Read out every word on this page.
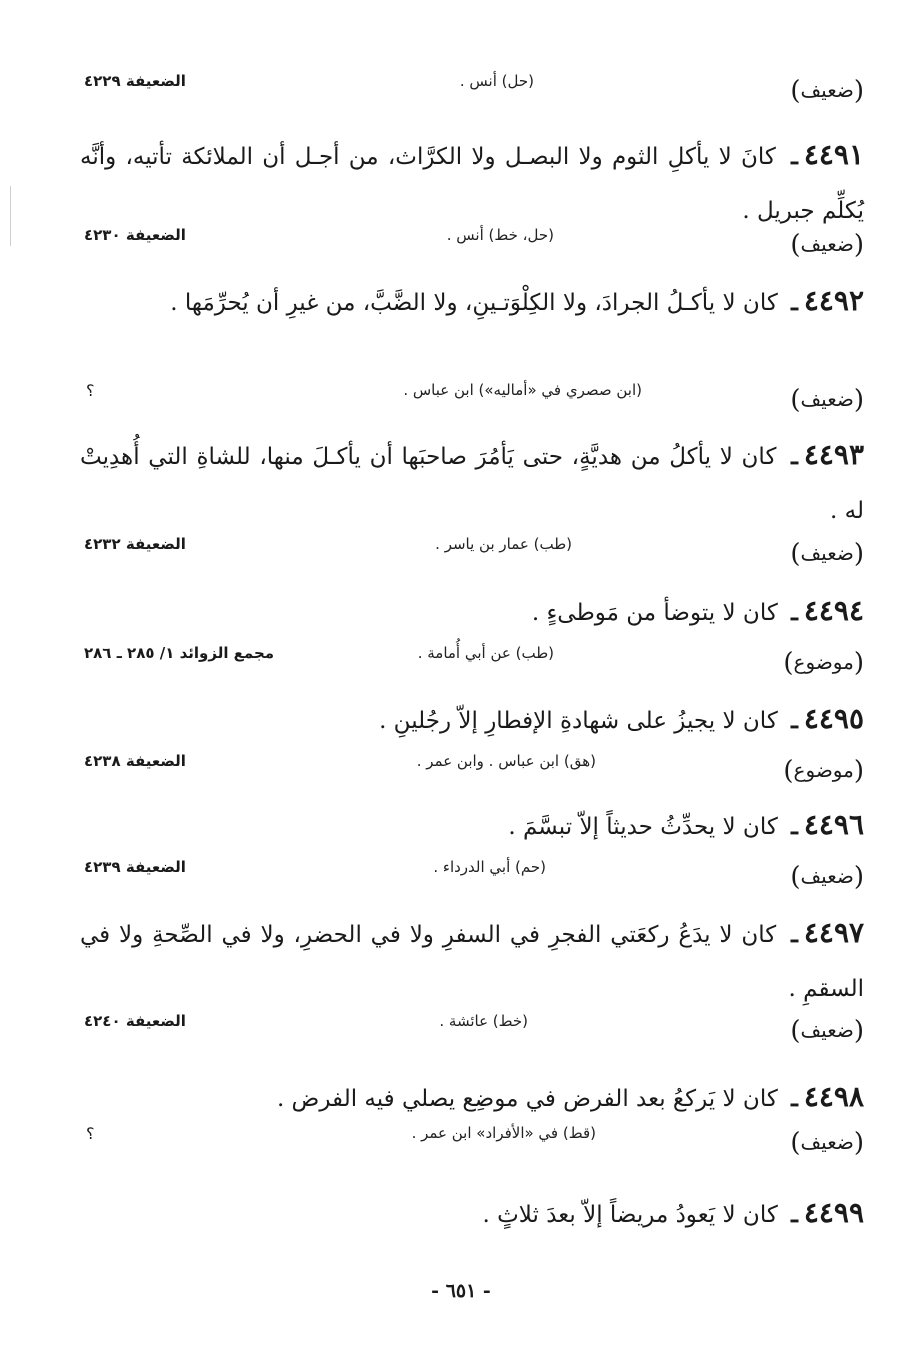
(ضعيف)
(حل) أنس .
الضعيفة ٤٢٢٩
٤٤٩١ـ كانَ لا يأكلِ الثوم ولا البصـل ولا الكرَّاث، من أجـل أن الملائكة تأتيه، وأنَّه يُكلِّم جبريل .
(ضعيف)
(حل، خط) أنس .
الضعيفة ٤٢٣٠
٤٤٩٢ـ كان لا يأكـلُ الجرادَ، ولا الكِلْوَتـينِ، ولا الضَّبَّ، من غيرِ أن يُحرِّمَها .
(ضعيف)
(ابن صصري في «أماليه») ابن عباس .
؟
٤٤٩٣ـ كان لا يأكلُ من هديَّةٍ، حتى يَأمُرَ صاحبَها أن يأكـلَ منها، للشاةِ التي أُهدِيتْ له .
(ضعيف)
(طب) عمار بن ياسر .
الضعيفة ٤٢٣٢
٤٤٩٤ـ كان لا يتوضأ من مَوطىءٍ .
(موضوع)
(طب) عن أبي أُمامة .
مجمع الزوائد ١/ ٢٨٥ ـ ٢٨٦
٤٤٩٥ـ كان لا يجيزُ على شهادةِ الإفطارِ إلاّ رجُلينِ .
(موضوع)
(هق) ابن عباس . وابن عمر .
الضعيفة ٤٢٣٨
٤٤٩٦ـ كان لا يحدِّثُ حديثاً إلاّ تبسَّمَ .
(ضعيف)
(حم) أبي الدرداء .
الضعيفة ٤٢٣٩
٤٤٩٧ـ كان لا يدَعُ ركعَتي الفجرِ في السفرِ ولا في الحضرِ، ولا في الصِّحةِ ولا في السقمِ .
(ضعيف)
(خط) عائشة .
الضعيفة ٤٢٤٠
٤٤٩٨ـ كان لا يَركعُ بعد الفرض في موضِع يصلي فيه الفرض .
(ضعيف)
(قط) في «الأفراد» ابن عمر .
؟
٤٤٩٩ـ كان لا يَعودُ مريضاً إلاّ بعدَ ثلاثٍ .
- ٦٥١ -
